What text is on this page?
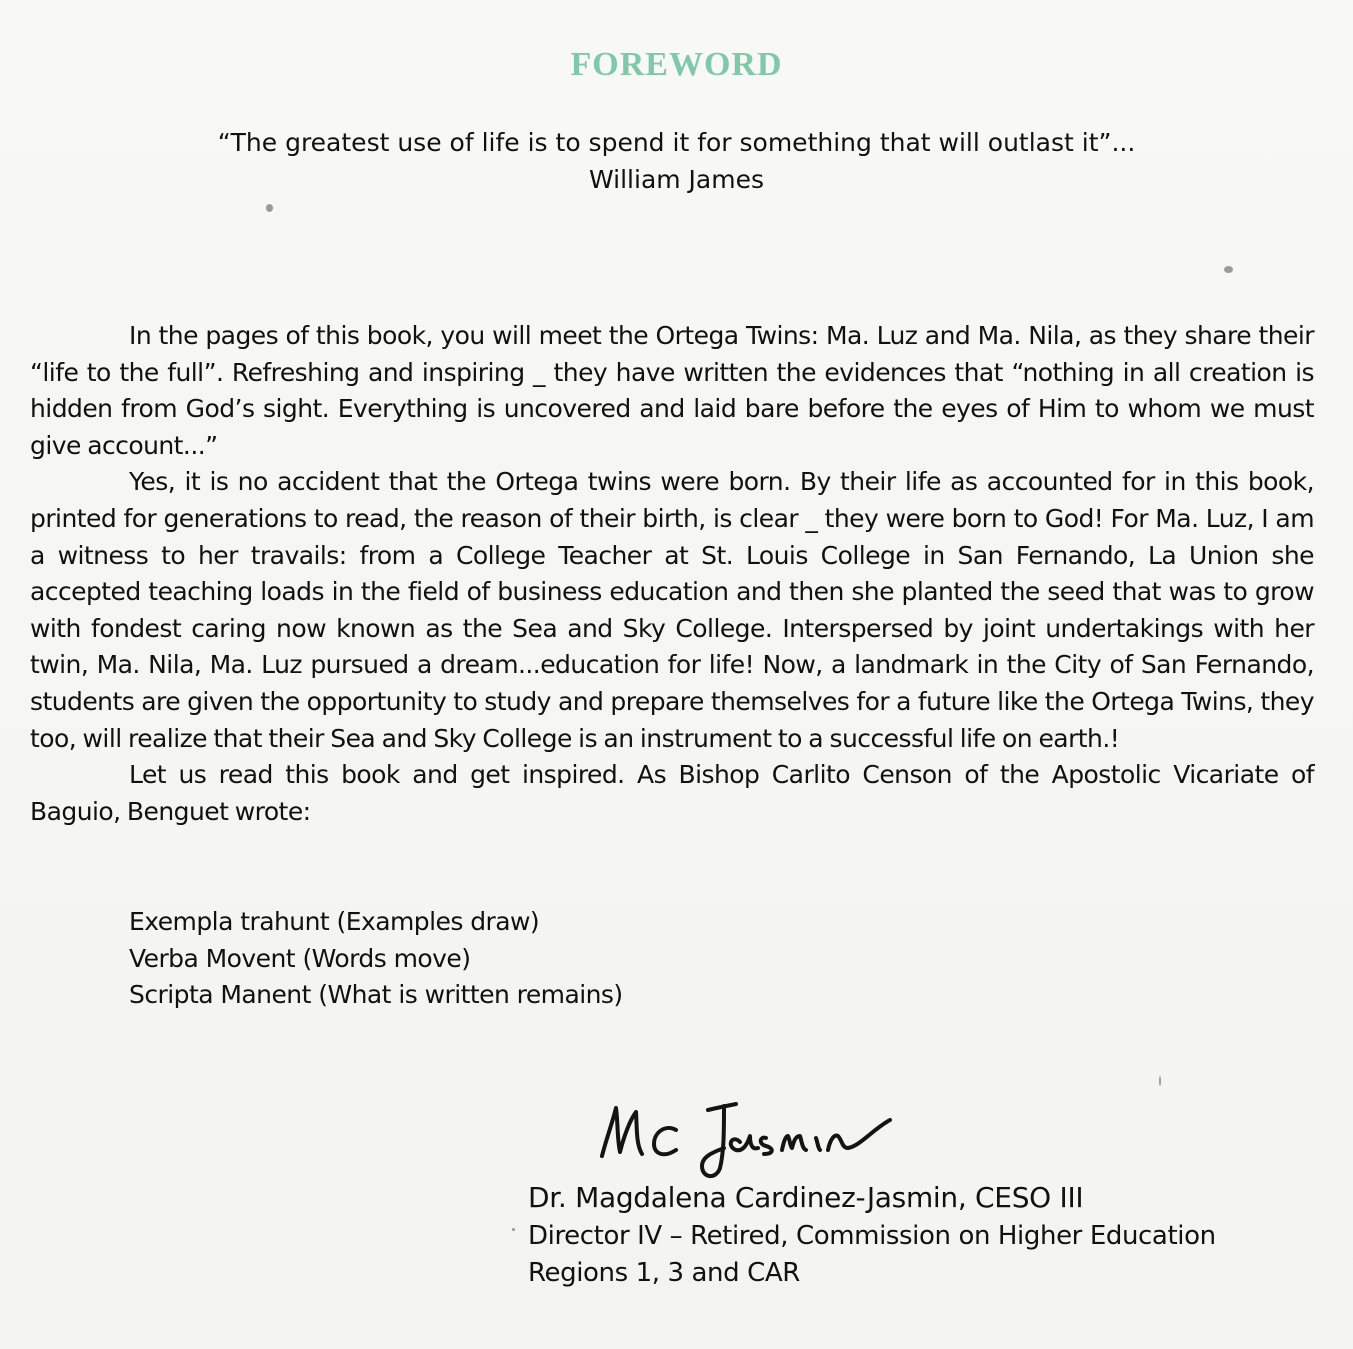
FOREWORD
“The greatest use of life is to spend it for something that will outlast it”...
William James

In the pages of this book, you will meet the Ortega Twins: Ma. Luz and Ma. Nila, as they share their “life to the full”. Refreshing and inspiring _ they have written the evidences that “nothing in all creation is hidden from God’s sight. Everything is uncovered and laid bare before the eyes of Him to whom we must give account...”

Yes, it is no accident that the Ortega twins were born. By their life as accounted for in this book, printed for generations to read, the reason of their birth, is clear _ they were born to God! For Ma. Luz, I am a witness to her travails: from a College Teacher at St. Louis College in San Fernando, La Union she accepted teaching loads in the field of business education and then she planted the seed that was to grow with fondest caring now known as the Sea and Sky College. Interspersed by joint undertakings with her twin, Ma. Nila, Ma. Luz pursued a dream...education for life! Now, a landmark in the City of San Fernando, students are given the opportunity to study and prepare themselves for a future like the Ortega Twins, they too, will realize that their Sea and Sky College is an instrument to a successful life on earth.!

Let us read this book and get inspired. As Bishop Carlito Censon of the Apostolic Vicariate of Baguio, Benguet wrote:

Exempla trahunt (Examples draw)
Verba Movent (Words move)
Scripta Manent (What is written remains)
Dr. Magdalena Cardinez-Jasmin, CESO III
Director IV – Retired, Commission on Higher Education
Regions 1, 3 and CAR
